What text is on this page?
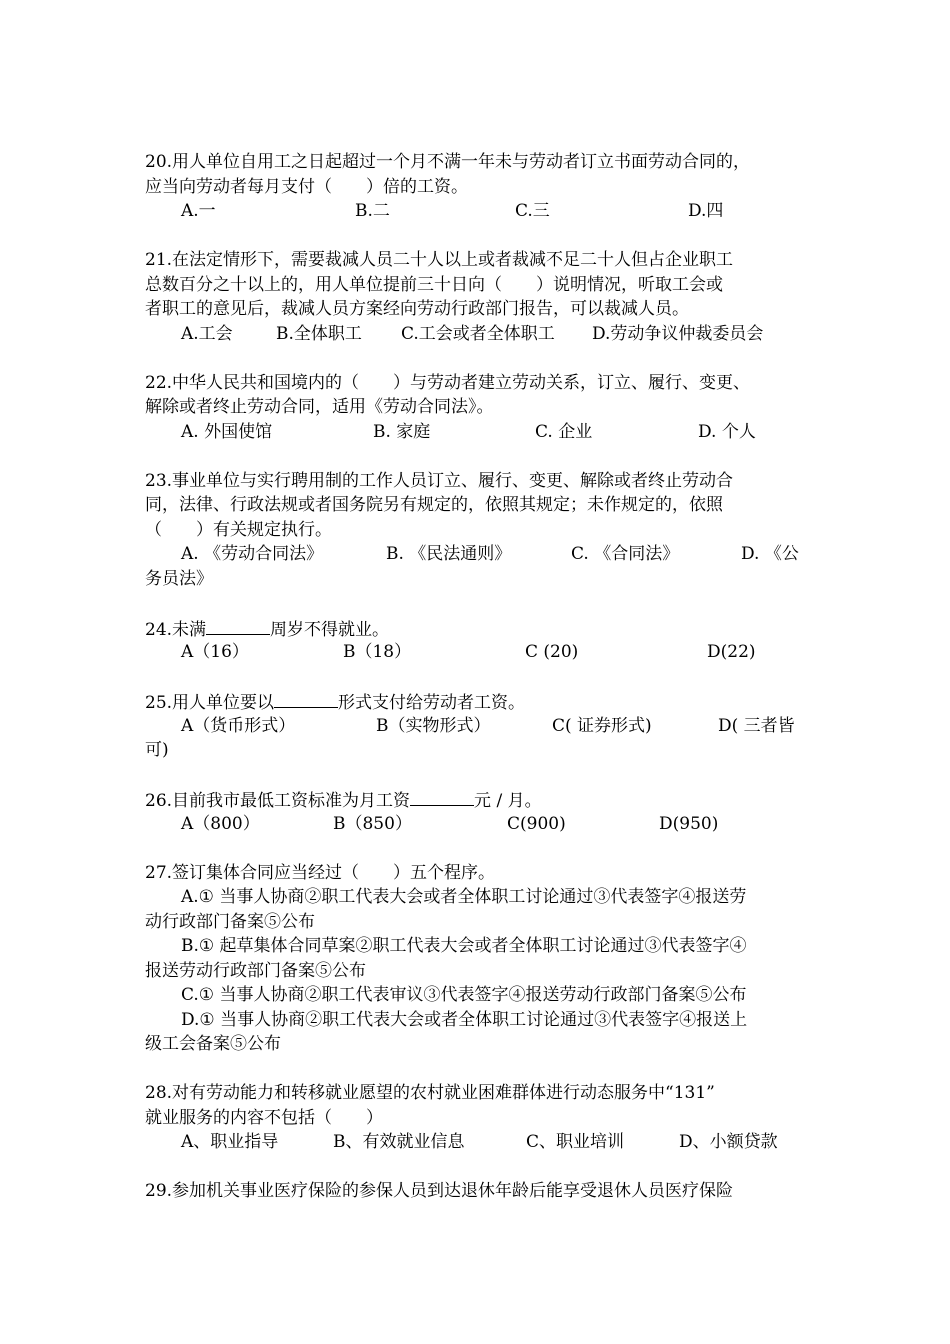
20.用人单位自用工之日起超过一个月不满一年未与劳动者订立书面劳动合同的，
应当向劳动者每月支付（　　）倍的工资。
A.一	B.二	C.三	D.四
21.在法定情形下，需要裁减人员二十人以上或者裁减不足二十人但占企业职工
总数百分之十以上的，用人单位提前三十日向（　　）说明情况，听取工会或
者职工的意见后，裁减人员方案经向劳动行政部门报告，可以裁减人员。
A.工会	B.全体职工 C.工会或者全体职工 D.劳动争议仲裁委员会
22.中华人民共和国境内的（　　）与劳动者建立劳动关系，订立、履行、变更、
解除或者终止劳动合同，适用《劳动合同法》。
A. 外国使馆	B. 家庭	C. 企业	D. 个人
23.事业单位与实行聘用制的工作人员订立、履行、变更、解除或者终止劳动合
同，法律、行政法规或者国务院另有规定的，依照其规定；未作规定的，依照
（　　）有关规定执行。
A. 《劳动合同法》	B. 《民法通则》	C. 《合同法》	D. 《公
务员法》
24.未满	周岁不得就业。
A（16）	B（18）	C (20)	D(22)
25.用人单位要以	形式支付给劳动者工资。
A（货币形式）	B（实物形式）	C( 证券形式)	D( 三者皆
可)
26.目前我市最低工资标准为月工资	元 / 月。
A（800）	B（850）	C(900)	D(950)
27.签订集体合同应当经过（　　）五个程序。
A.① 当事人协商②职工代表大会或者全体职工讨论通过③代表签字④报送劳
动行政部门备案⑤公布
B.① 起草集体合同草案②职工代表大会或者全体职工讨论通过③代表签字④
报送劳动行政部门备案⑤公布
C.① 当事人协商②职工代表审议③代表签字④报送劳动行政部门备案⑤公布
D.① 当事人协商②职工代表大会或者全体职工讨论通过③代表签字④报送上
级工会备案⑤公布
28.对有劳动能力和转移就业愿望的农村就业困难群体进行动态服务中“131”
就业服务的内容不包括（　　）
A、职业指导	B、有效就业信息	C、职业培训	D、小额贷款
29.参加机关事业医疗保险的参保人员到达退休年龄后能享受退休人员医疗保险
